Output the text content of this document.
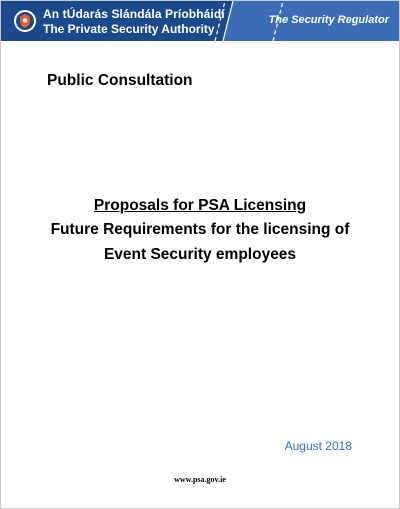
An tÚdarás Slándála Príobháidí
The Private Security Authority
The Security Regulator
Public Consultation
Proposals for PSA Licensing
Future Requirements for the licensing of
Event Security employees
August 2018
www.psa.gov.ie
